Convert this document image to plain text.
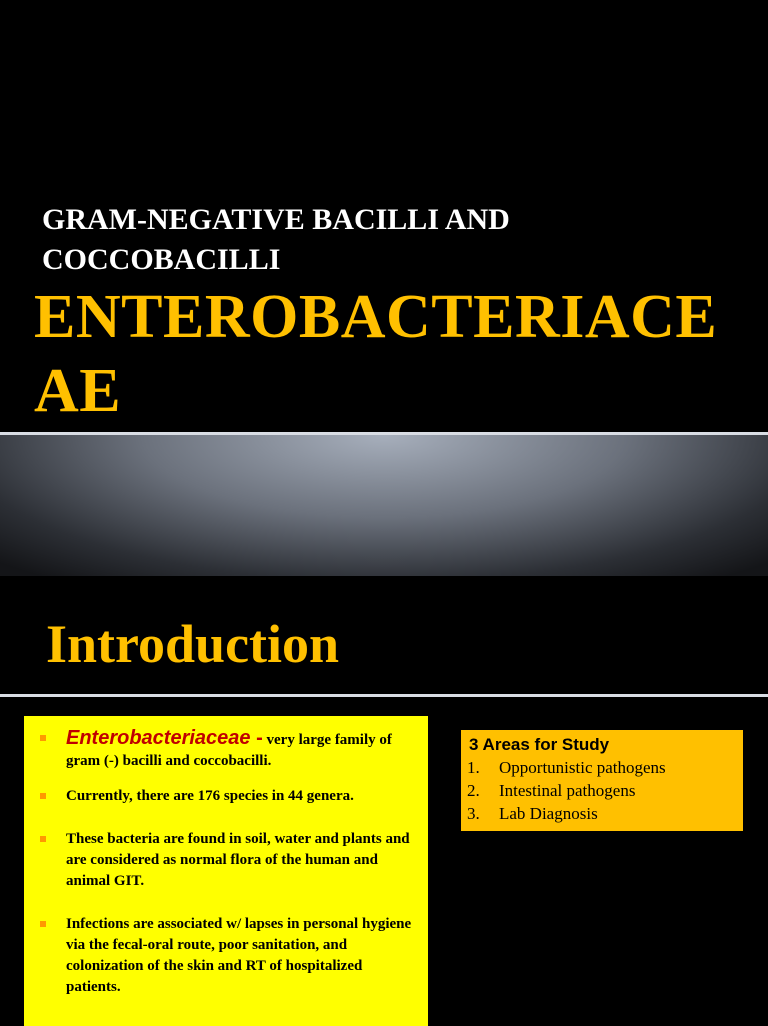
GRAM-NEGATIVE BACILLI AND
COCCOBACILLI
ENTEROBACTERIACE
AE
Introduction
Enterobacteriaceae - very large family of gram (-) bacilli and coccobacilli.
Currently, there are 176 species in 44 genera.
These bacteria are found in soil, water and plants and are considered as normal flora of the human and animal GIT.
Infections are associated w/ lapses in personal hygiene via the fecal-oral route, poor sanitation, and colonization of the skin and RT of hospitalized patients.
3 Areas for Study
1.	Opportunistic pathogens
2.	Intestinal pathogens
3.	Lab Diagnosis
